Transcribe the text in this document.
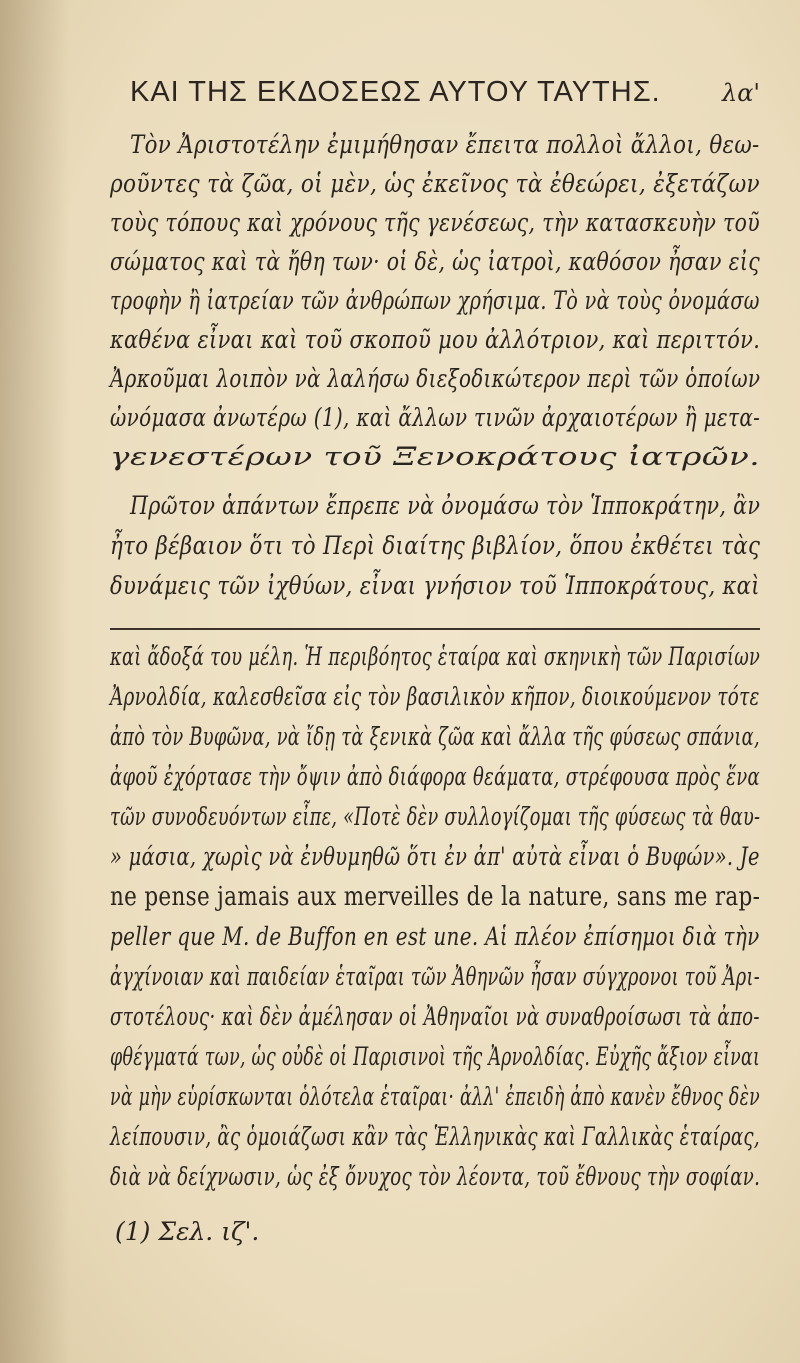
ΚΑΙ ΤΗΣ ΕΚΔΟΣΕΩΣ ΑΥΤΟΥ ΤΑΥΤΗΣ.	λα'
Τὸν Ἀριστοτέλην ἐμιμήθησαν ἔπειτα πολλοὶ ἄλλοι, θεω-
ροῦντες τὰ ζῶα, οἱ μὲν, ὡς ἐκεῖνος τὰ ἐθεώρει, ἐξετάζων
τοὺς τόπους καὶ χρόνους τῆς γενέσεως, τὴν κατασκευὴν τοῦ
σώματος καὶ τὰ ἤθη των· οἱ δὲ, ὡς ἰατροὶ, καθόσον ἦσαν εἰς
τροφὴν ἢ ἰατρείαν τῶν ἀνθρώπων χρήσιμα. Τὸ νὰ τοὺς ὀνομάσω
καθένα εἶναι καὶ τοῦ σκοποῦ μου ἀλλότριον, καὶ περιττόν.
Ἀρκοῦμαι λοιπὸν νὰ λαλήσω διεξοδικώτερον περὶ τῶν ὁποίων
ὠνόμασα ἀνωτέρω (1), καὶ ἄλλων τινῶν ἀρχαιοτέρων ἢ μετα-
γενεστέρων τοῦ Ξενοκράτους ἰατρῶν.
Πρῶτον ἁπάντων ἔπρεπε νὰ ὀνομάσω τὸν Ἱπποκράτην, ἂν
ἦτο βέβαιον ὅτι τὸ Περὶ διαίτης βιβλίον, ὅπου ἐκθέτει τὰς
δυνάμεις τῶν ἰχθύων, εἶναι γνήσιον τοῦ Ἱπποκράτους, καὶ
καὶ ἄδοξά του μέλη. Ἡ περιβόητος ἑταίρα καὶ σκηνικὴ τῶν Παρισίων
Ἀρνολδία, καλεσθεῖσα εἰς τὸν βασιλικὸν κῆπον, διοικούμενον τότε
ἀπὸ τὸν Βυφῶνα, νὰ ἴδῃ τὰ ξενικὰ ζῶα καὶ ἄλλα τῆς φύσεως σπάνια,
ἀφοῦ ἐχόρτασε τὴν ὄψιν ἀπὸ διάφορα θεάματα, στρέφουσα πρὸς ἕνα
τῶν συνοδευόντων εἶπε, «Ποτὲ δὲν συλλογίζομαι τῆς φύσεως τὰ θαυ-
» μάσια, χωρὶς νὰ ἐνθυμηθῶ ὅτι ἐν ἀπ' αὐτὰ εἶναι ὁ Βυφών». Je
ne pense jamais aux merveilles de la nature, sans me rap-
peller que M. de Buffon en est une. Αἱ πλέον ἐπίσημοι διὰ τὴν
ἀγχίνοιαν καὶ παιδείαν ἑταῖραι τῶν Ἀθηνῶν ἦσαν σύγχρονοι τοῦ Ἀρι-
στοτέλους· καὶ δὲν ἀμέλησαν οἱ Ἀθηναῖοι νὰ συναθροίσωσι τὰ ἀπο-
φθέγματά των, ὡς οὐδὲ οἱ Παρισινοὶ τῆς Ἀρνολδίας. Εὐχῆς ἄξιον εἶναι
νὰ μὴν εὑρίσκωνται ὁλότελα ἑταῖραι· ἀλλ' ἐπειδὴ ἀπὸ κανὲν ἔθνος δὲν
λείπουσιν, ἂς ὁμοιάζωσι κἂν τὰς Ἑλληνικὰς καὶ Γαλλικὰς ἑταίρας,
διὰ νὰ δείχνωσιν, ὡς ἐξ ὄνυχος τὸν λέοντα, τοῦ ἔθνους τὴν σοφίαν.
(1) Σελ. ιζ'.
